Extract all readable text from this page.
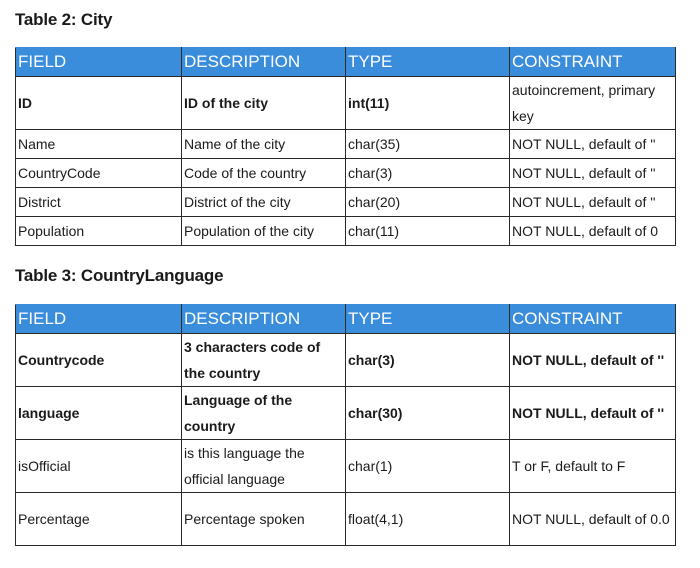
Table 2: City
FIELD	DESCRIPTION	TYPE	CONSTRAINT
ID	ID of the city	int(11)	autoincrement, primary key
Name	Name of the city	char(35)	NOT NULL, default of ''
CountryCode	Code of the country	char(3)	NOT NULL, default of ''
District	District of the city	char(20)	NOT NULL, default of ''
Population	Population of the city	char(11)	NOT NULL, default of 0
Table 3: CountryLanguage
FIELD	DESCRIPTION	TYPE	CONSTRAINT
Countrycode	3 characters code of the country	char(3)	NOT NULL, default of ''
language	Language of the country	char(30)	NOT NULL, default of ''
isOfficial	is this language the official language	char(1)	T or F, default to F
Percentage	Percentage spoken	float(4,1)	NOT NULL, default of 0.0
